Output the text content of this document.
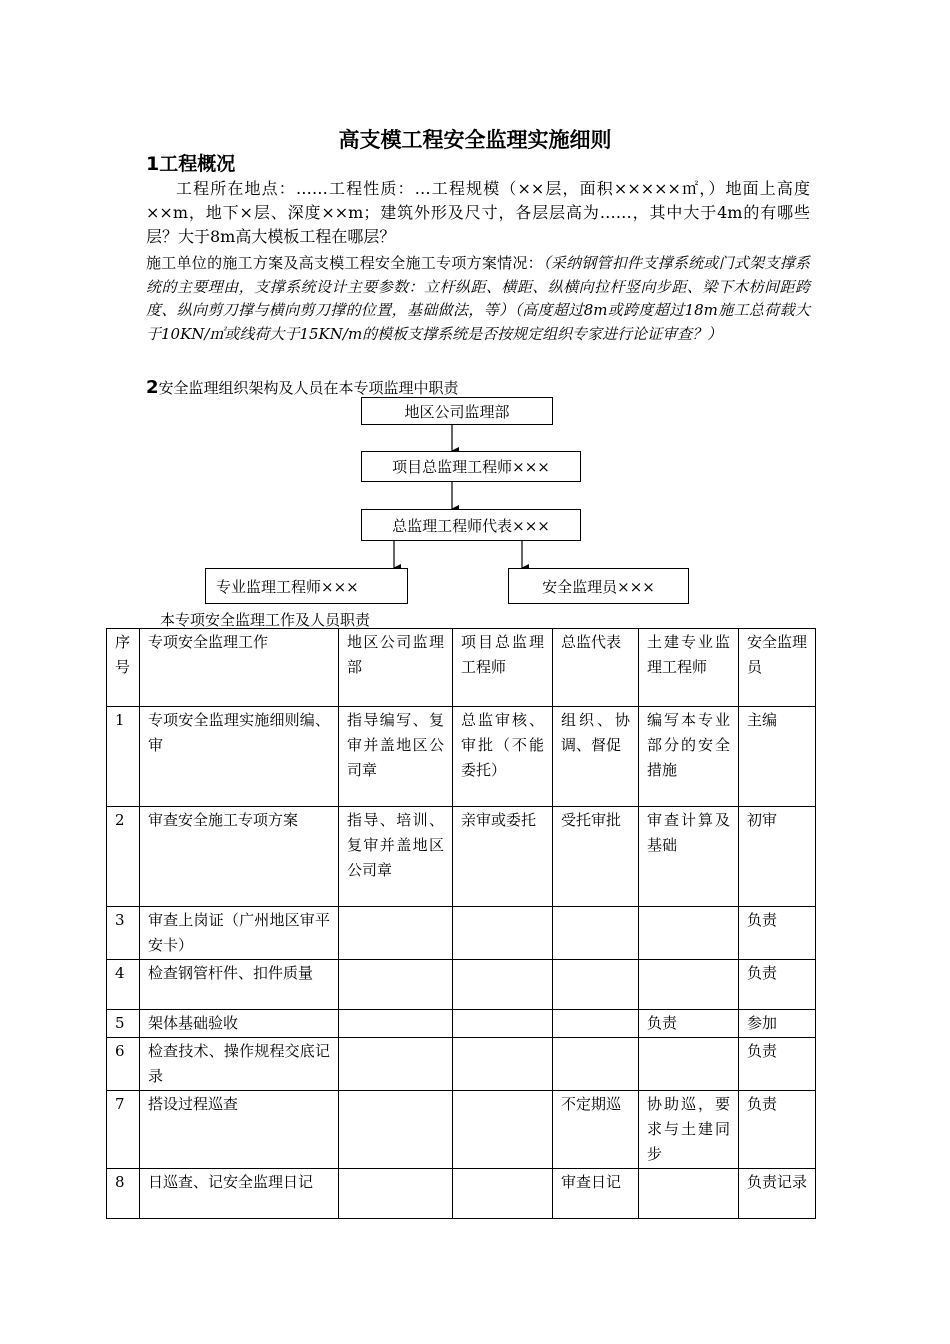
高支模工程安全监理实施细则
1工程概况
工程所在地点：……工程性质：…工程规模（××层，面积×××××㎡，）地面上高度××m，地下×层、深度××m；建筑外形及尺寸，各层层高为……，其中大于4m的有哪些层？大于8m高大模板工程在哪层？
施工单位的施工方案及高支模工程安全施工专项方案情况：（采纳钢管扣件支撑系统或门式架支撑系统的主要理由，支撑系统设计主要参数：立杆纵距、横距、纵横向拉杆竖向步距、梁下木枋间距跨度、纵向剪刀撑与横向剪刀撑的位置，基础做法，等）（高度超过8m或跨度超过18m施工总荷载大于10KN/㎡或线荷大于15KN/m的模板支撑系统是否按规定组织专家进行论证审查？）
2安全监理组织架构及人员在本专项监理中职责
地区公司监理部
项目总监理工程师×××
总监理工程师代表×××
专业监理工程师×××	安全监理员×××
本专项安全监理工作及人员职责
序号	专项安全监理工作	地区公司监理部	项目总监理工程师	总监代表	土建专业监理工程师	安全监理员
1	专项安全监理实施细则编、审	指导编写、复审并盖地区公司章	总监审核、审批（不能委托）	组织、协调、督促	编写本专业部分的安全措施	主编
2	审查安全施工专项方案	指导、培训、复审并盖地区公司章	亲审或委托	受托审批	审查计算及基础	初审
3	审查上岗证（广州地区审平安卡）					负责
4	检查钢管杆件、扣件质量					负责
5	架体基础验收				负责	参加
6	检查技术、操作规程交底记录					负责
7	搭设过程巡查			不定期巡	协助巡，要求与土建同步	负责
8	日巡查、记安全监理日记			审查日记		负责记录
